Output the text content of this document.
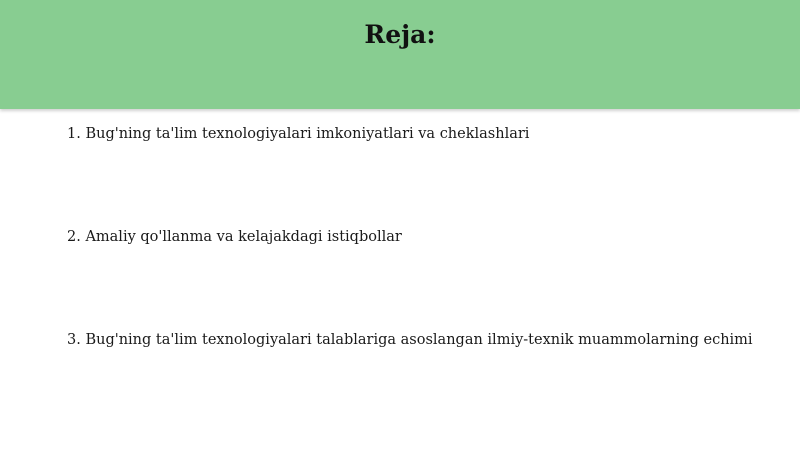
Reja:
1. Bug'ning ta'lim texnologiyalari imkoniyatlari va cheklashlari
2. Amaliy qo'llanma va kelajakdagi istiqbollar
3. Bug'ning ta'lim texnologiyalari talablariga asoslangan ilmiy-texnik muammolarning echimi
